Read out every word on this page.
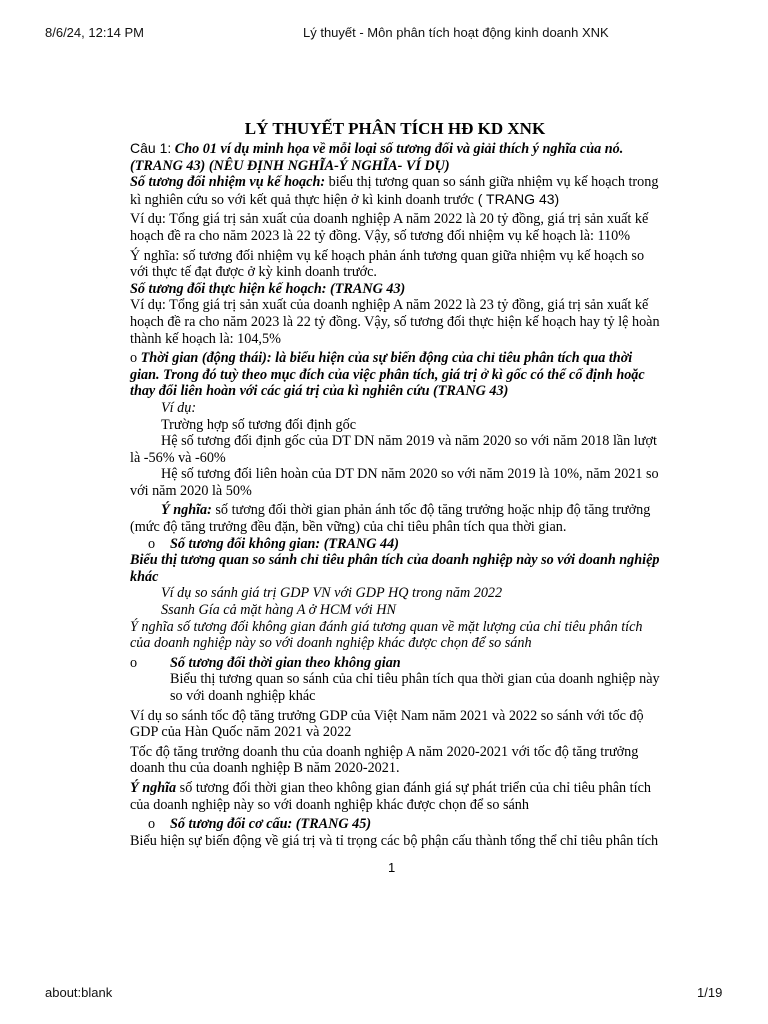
8/6/24, 12:14 PM	Lý thuyết - Môn phân tích hoạt động kinh doanh XNK

LÝ THUYẾT PHÂN TÍCH HĐ KD XNK

Câu 1: Cho 01 ví dụ minh họa về mỗi loại số tương đối và giải thích ý nghĩa của nó. (TRANG 43) (NÊU ĐỊNH NGHĨA-Ý NGHĨA- VÍ DỤ)

Số tương đối nhiệm vụ kế hoạch: biểu thị tương quan so sánh giữa nhiệm vụ kế hoạch trong kì nghiên cứu so với kết quả thực hiện ở kì kinh doanh trước ( TRANG 43)

Ví dụ: Tổng giá trị sản xuất của doanh nghiệp A năm 2022 là 20 tỷ đồng, giá trị sản xuất kế hoạch đề ra cho năm 2023 là 22 tỷ đồng. Vậy, số tương đối nhiệm vụ kế hoạch là: 110%

Ý nghĩa: số tương đối nhiệm vụ kế hoạch phản ánh tương quan giữa nhiệm vụ kế hoạch so với thực tế đạt được ở kỳ kinh doanh trước.

Số tương đối thực hiện kế hoạch: (TRANG 43)

Ví dụ: Tổng giá trị sản xuất của doanh nghiệp A năm 2022 là 23 tỷ đồng, giá trị sản xuất kế hoạch đề ra cho năm 2023 là 22 tỷ đồng. Vậy, số tương đối thực hiện kế hoạch hay tỷ lệ hoàn thành kế hoạch là: 104,5%

o Thời gian (động thái): là biểu hiện của sự biến động của chỉ tiêu phân tích qua thời gian. Trong đó tuỳ theo mục đích của việc phân tích, giá trị ở kì gốc có thể cố định hoặc thay đổi liên hoàn với các giá trị của kì nghiên cứu (TRANG 43)

Ví dụ:

Trường hợp số tương đối định gốc

Hệ số tương đối định gốc của DT DN năm 2019 và năm 2020 so với năm 2018 lần lượt là -56% và -60%

Hệ số tương đối liên hoàn của DT DN năm 2020 so với năm 2019 là 10%, năm 2021 so với năm 2020 là 50%

Ý nghĩa: số tương đối thời gian phản ánh tốc độ tăng trưởng hoặc nhịp độ tăng trưởng (mức độ tăng trưởng đều đặn, bền vững) của chỉ tiêu phân tích qua thời gian.

o	Số tương đối không gian: (TRANG 44)

Biểu thị tương quan so sánh chỉ tiêu phân tích của doanh nghiệp này so với doanh nghiệp khác

Ví dụ so sánh giá trị GDP VN với GDP HQ trong năm 2022

Ssanh Gía cả mặt hàng A ở HCM với HN

Ý nghĩa số tương đối không gian đánh giá tương quan về mặt lượng của chỉ tiêu phân tích của doanh nghiệp này so với doanh nghiệp khác được chọn để so sánh

o	Số tương đối thời gian theo không gian

Biểu thị tương quan so sánh của chỉ tiêu phân tích qua thời gian của doanh nghiệp này so với doanh nghiệp khác

Ví dụ so sánh tốc độ tăng trưởng GDP của Việt Nam năm 2021 và 2022 so sánh với tốc độ GDP của Hàn Quốc năm 2021 và 2022

Tốc độ tăng trưởng doanh thu của doanh nghiệp A năm 2020-2021 với tốc độ tăng trưởng doanh thu của doanh nghiệp B năm 2020-2021.

Ý nghĩa số tương đối thời gian theo không gian đánh giá sự phát triển của chỉ tiêu phân tích của doanh nghiệp này so với doanh nghiệp khác được chọn để so sánh

o	Số tương đối cơ cấu: (TRANG 45)

Biểu hiện sự biến động về giá trị và tỉ trọng các bộ phận cấu thành tổng thể chỉ tiêu phân tích

1
about:blank	1/19
